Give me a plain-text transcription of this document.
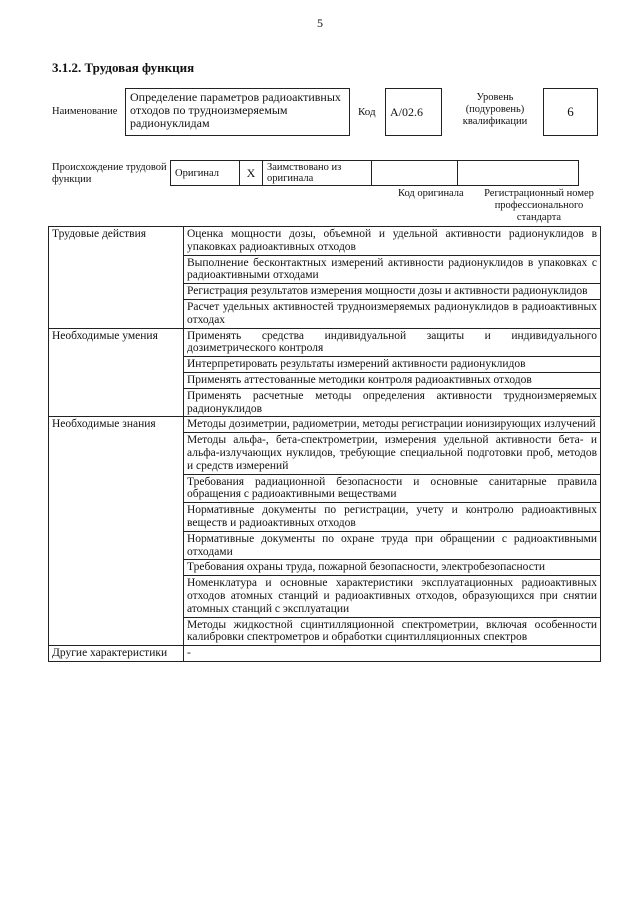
5
3.1.2. Трудовая функция
Наименование
Определение параметров радиоактивных отходов по трудноизмеряемым радионуклидам
Код А/02.6
Уровень (подуровень) квалификации
6
Происхождение трудовой функции
Оригинал	Х	Заимствовано из оригинала		
Код оригинала	Регистрационный номер профессионального стандарта
Трудовые действия	Оценка мощности дозы, объемной и удельной активности радионуклидов в упаковках радиоактивных отходов
	Выполнение бесконтактных измерений активности радионуклидов в упаковках с радиоактивными отходами
	Регистрация результатов измерения мощности дозы и активности радионуклидов
	Расчет удельных активностей трудноизмеряемых радионуклидов в радиоактивных отходах
Необходимые умения	Применять средства индивидуальной защиты и индивидуального дозиметрического контроля
	Интерпретировать результаты измерений активности радионуклидов
	Применять аттестованные методики контроля радиоактивных отходов
	Применять расчетные методы определения активности трудноизмеряемых радионуклидов
Необходимые знания	Методы дозиметрии, радиометрии, методы регистрации ионизирующих излучений
	Методы альфа-, бета-спектрометрии, измерения удельной активности бета- и альфа-излучающих нуклидов, требующие специальной подготовки проб, методов и средств измерений
	Требования радиационной безопасности и основные санитарные правила обращения с радиоактивными веществами
	Нормативные документы по регистрации, учету и контролю радиоактивных веществ и радиоактивных отходов
	Нормативные документы по охране труда при обращении с радиоактивными отходами
	Требования охраны труда, пожарной безопасности, электробезопасности
	Номенклатура и основные характеристики эксплуатационных радиоактивных отходов атомных станций и радиоактивных отходов, образующихся при снятии атомных станций с эксплуатации
	Методы жидкостной сцинтилляционной спектрометрии, включая особенности калибровки спектрометров и обработки сцинтилляционных спектров
Другие характеристики	-
